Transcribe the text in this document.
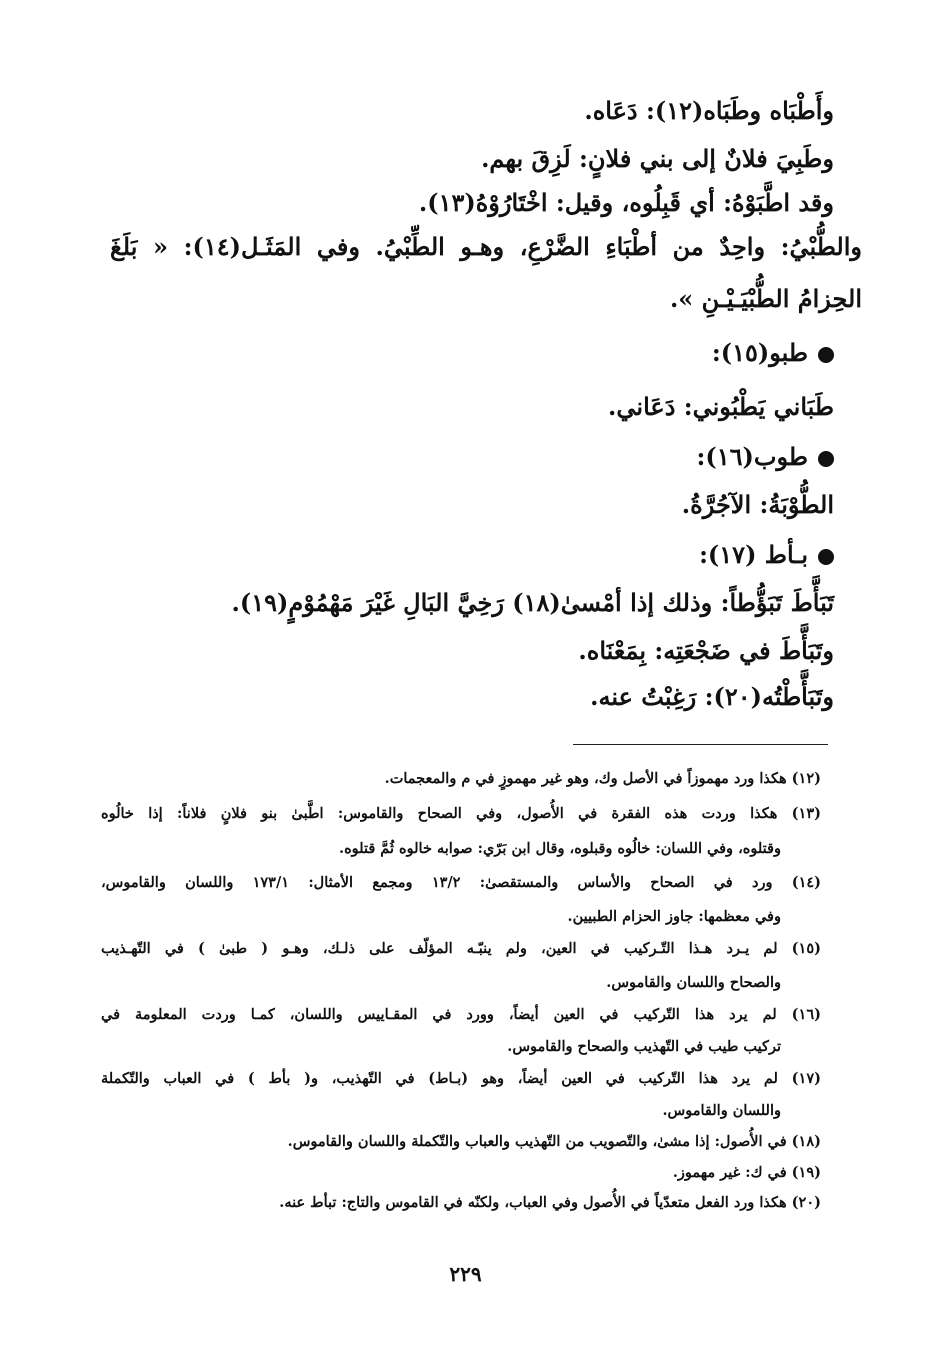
وأَطْبَاه وطَبَاه(١٢): دَعَاه.
وطَبِيَ فلانٌ إلى بني فلانٍ: لَزِقَ بهم.
وقد اطَّبَوْهُ: أي قَبِلُوه، وقيل: اخْتَارُوْهُ(١٣).
والطُّبْيُ: واحِدٌ من أطْبَاءِ الضَّرْعِ، وهـو الطِّبْيُ. وفي المَثَـل(١٤): « بَلَغَ
الحِزامُ الطُّبْيَـيْـنِ ».
طبو(١٥):
طَبَاني يَطْبُوني: دَعَاني.
طوب(١٦):
الطُّوْبَةُ: الآجُرَّةُ.
بـأط (١٧):
تَبَأَّطَ تَبَؤُّطاً: وذلك إذا أمْسىٰ(١٨) رَخِيَّ البَالِ غَيْرَ مَهْمُوْمٍ(١٩).
وتَبَأَّطَ في ضَجْعَتِه: بِمَعْنَاه.
وتَبَأَّطْتُه(٢٠): رَغِبْتُ عنه.
(١٢) هكذا ورد مهموزاً في الأصل وك، وهو غير مهموزٍ في م والمعجمات.
(١٣) هكذا وردت هذه الفقرة في الأُصول، وفي الصحاح والقاموس: اطَّبىٰ بنو فلانٍ فلاناً: إذا خالُوه
وقتلوه، وفي اللسان: خالُوه وقبلوه، وقال ابن بَرّي: صوابه خالوه ثُمَّ قتلوه.
(١٤) ورد في الصحاح والأساس والمستقصىٰ: ١٣/٢ ومجمع الأمثال: ١٧٣/١ واللسان والقاموس،
وفي معظمها: جاوز الحزام الطبيين.
(١٥) لم يـرد هـذا التّـركيب في العين، ولم ينبّـه المؤلّف على ذلـك، وهـو ( طبىٰ ) في التّهـذيب
والصحاح واللسان والقاموس.
(١٦) لم يرد هذا التّركيب في العين أيضاً، وورد في المقـاييس واللسان، كمـا وردت المعلومة في
تركيب طيب في التّهذيب والصحاح والقاموس.
(١٧) لم يرد هذا التّركيب في العين أيضاً، وهو (بـاط) في التّهذيب، و( بأط ) في العباب والتّكملة
واللسان والقاموس.
(١٨) في الأُصول: إذا مشىٰ، والتّصويب من التّهذيب والعباب والتّكملة واللسان والقاموس.
(١٩) في ك: غير مهموز.
(٢٠) هكذا ورد الفعل متعدّياً في الأُصول وفي العباب، ولكنّه في القاموس والتاج: تبأط عنه.
٢٢٩
